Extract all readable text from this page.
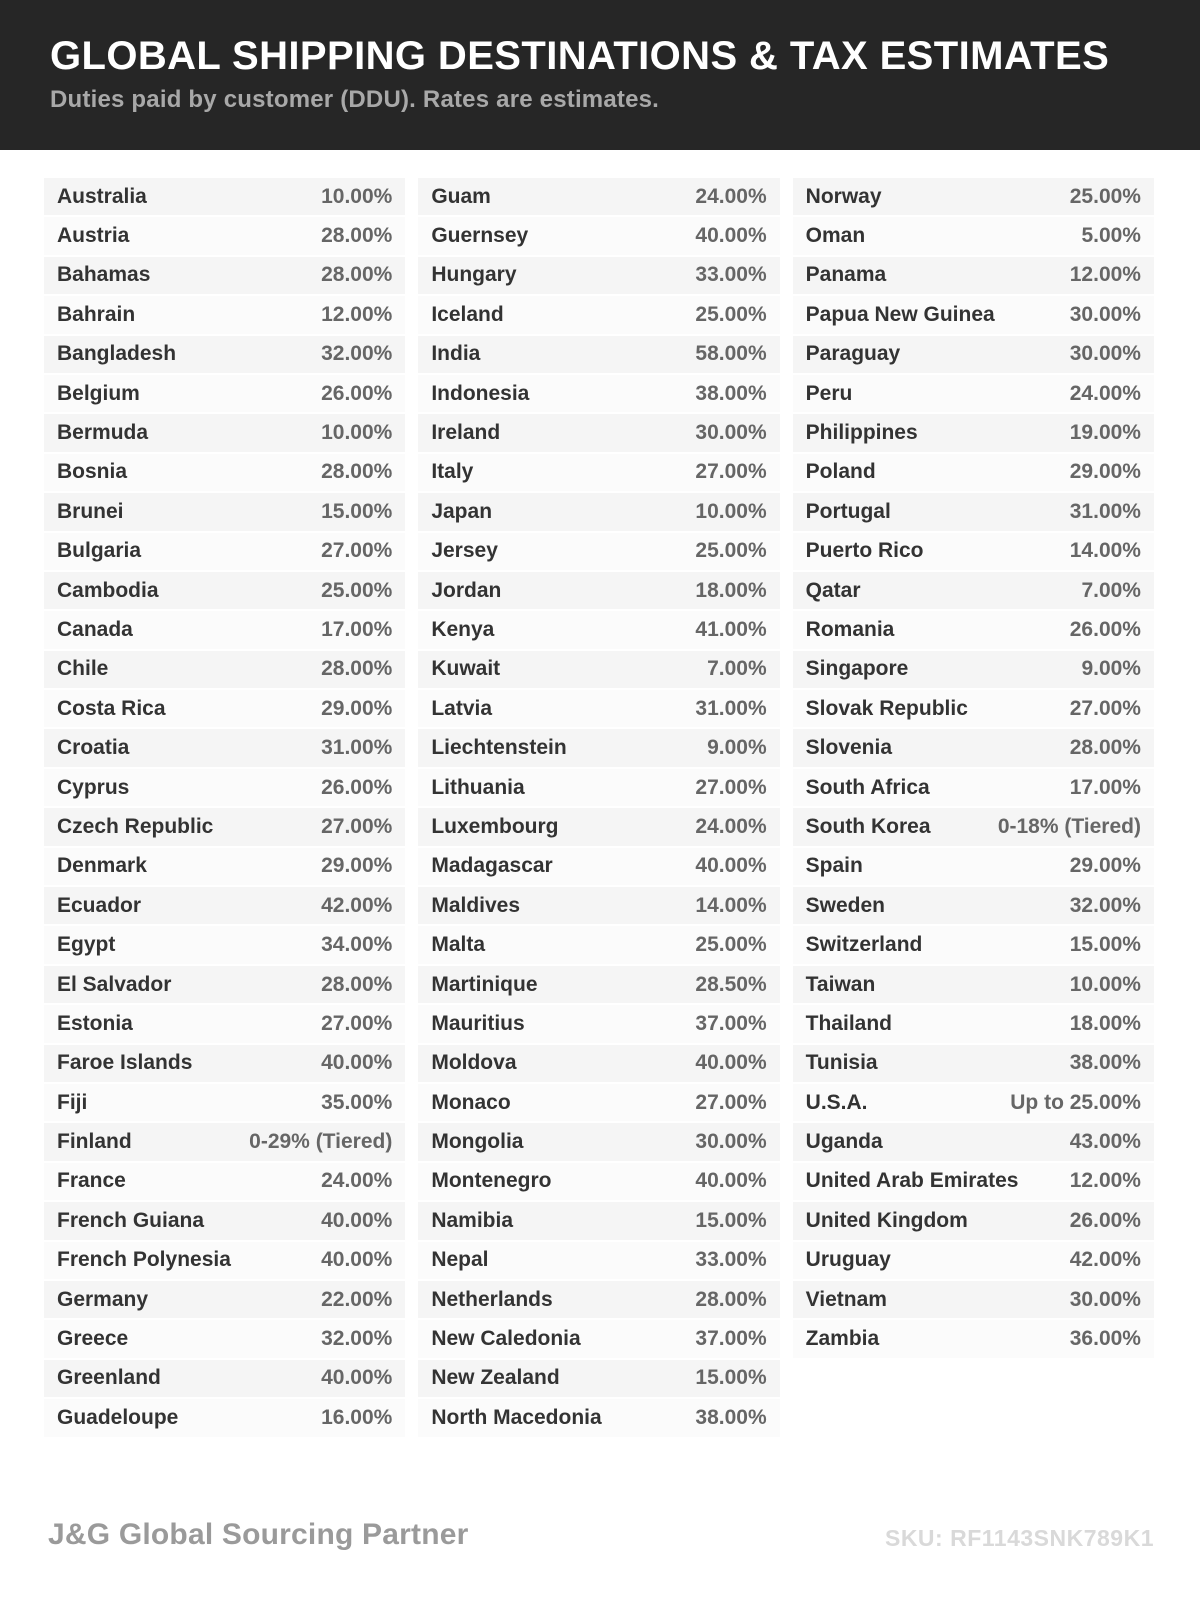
GLOBAL SHIPPING DESTINATIONS & TAX ESTIMATES
Duties paid by customer (DDU). Rates are estimates.
Australia	10.00%
Austria	28.00%
Bahamas	28.00%
Bahrain	12.00%
Bangladesh	32.00%
Belgium	26.00%
Bermuda	10.00%
Bosnia	28.00%
Brunei	15.00%
Bulgaria	27.00%
Cambodia	25.00%
Canada	17.00%
Chile	28.00%
Costa Rica	29.00%
Croatia	31.00%
Cyprus	26.00%
Czech Republic	27.00%
Denmark	29.00%
Ecuador	42.00%
Egypt	34.00%
El Salvador	28.00%
Estonia	27.00%
Faroe Islands	40.00%
Fiji	35.00%
Finland	0-29% (Tiered)
France	24.00%
French Guiana	40.00%
French Polynesia	40.00%
Germany	22.00%
Greece	32.00%
Greenland	40.00%
Guadeloupe	16.00%
Guam	24.00%
Guernsey	40.00%
Hungary	33.00%
Iceland	25.00%
India	58.00%
Indonesia	38.00%
Ireland	30.00%
Italy	27.00%
Japan	10.00%
Jersey	25.00%
Jordan	18.00%
Kenya	41.00%
Kuwait	7.00%
Latvia	31.00%
Liechtenstein	9.00%
Lithuania	27.00%
Luxembourg	24.00%
Madagascar	40.00%
Maldives	14.00%
Malta	25.00%
Martinique	28.50%
Mauritius	37.00%
Moldova	40.00%
Monaco	27.00%
Mongolia	30.00%
Montenegro	40.00%
Namibia	15.00%
Nepal	33.00%
Netherlands	28.00%
New Caledonia	37.00%
New Zealand	15.00%
North Macedonia	38.00%
Norway	25.00%
Oman	5.00%
Panama	12.00%
Papua New Guinea	30.00%
Paraguay	30.00%
Peru	24.00%
Philippines	19.00%
Poland	29.00%
Portugal	31.00%
Puerto Rico	14.00%
Qatar	7.00%
Romania	26.00%
Singapore	9.00%
Slovak Republic	27.00%
Slovenia	28.00%
South Africa	17.00%
South Korea	0-18% (Tiered)
Spain	29.00%
Sweden	32.00%
Switzerland	15.00%
Taiwan	10.00%
Thailand	18.00%
Tunisia	38.00%
U.S.A.	Up to 25.00%
Uganda	43.00%
United Arab Emirates 12.00%
United Kingdom	26.00%
Uruguay	42.00%
Vietnam	30.00%
Zambia	36.00%
J&G Global Sourcing Partner	SKU: RF1143SNK789K1
